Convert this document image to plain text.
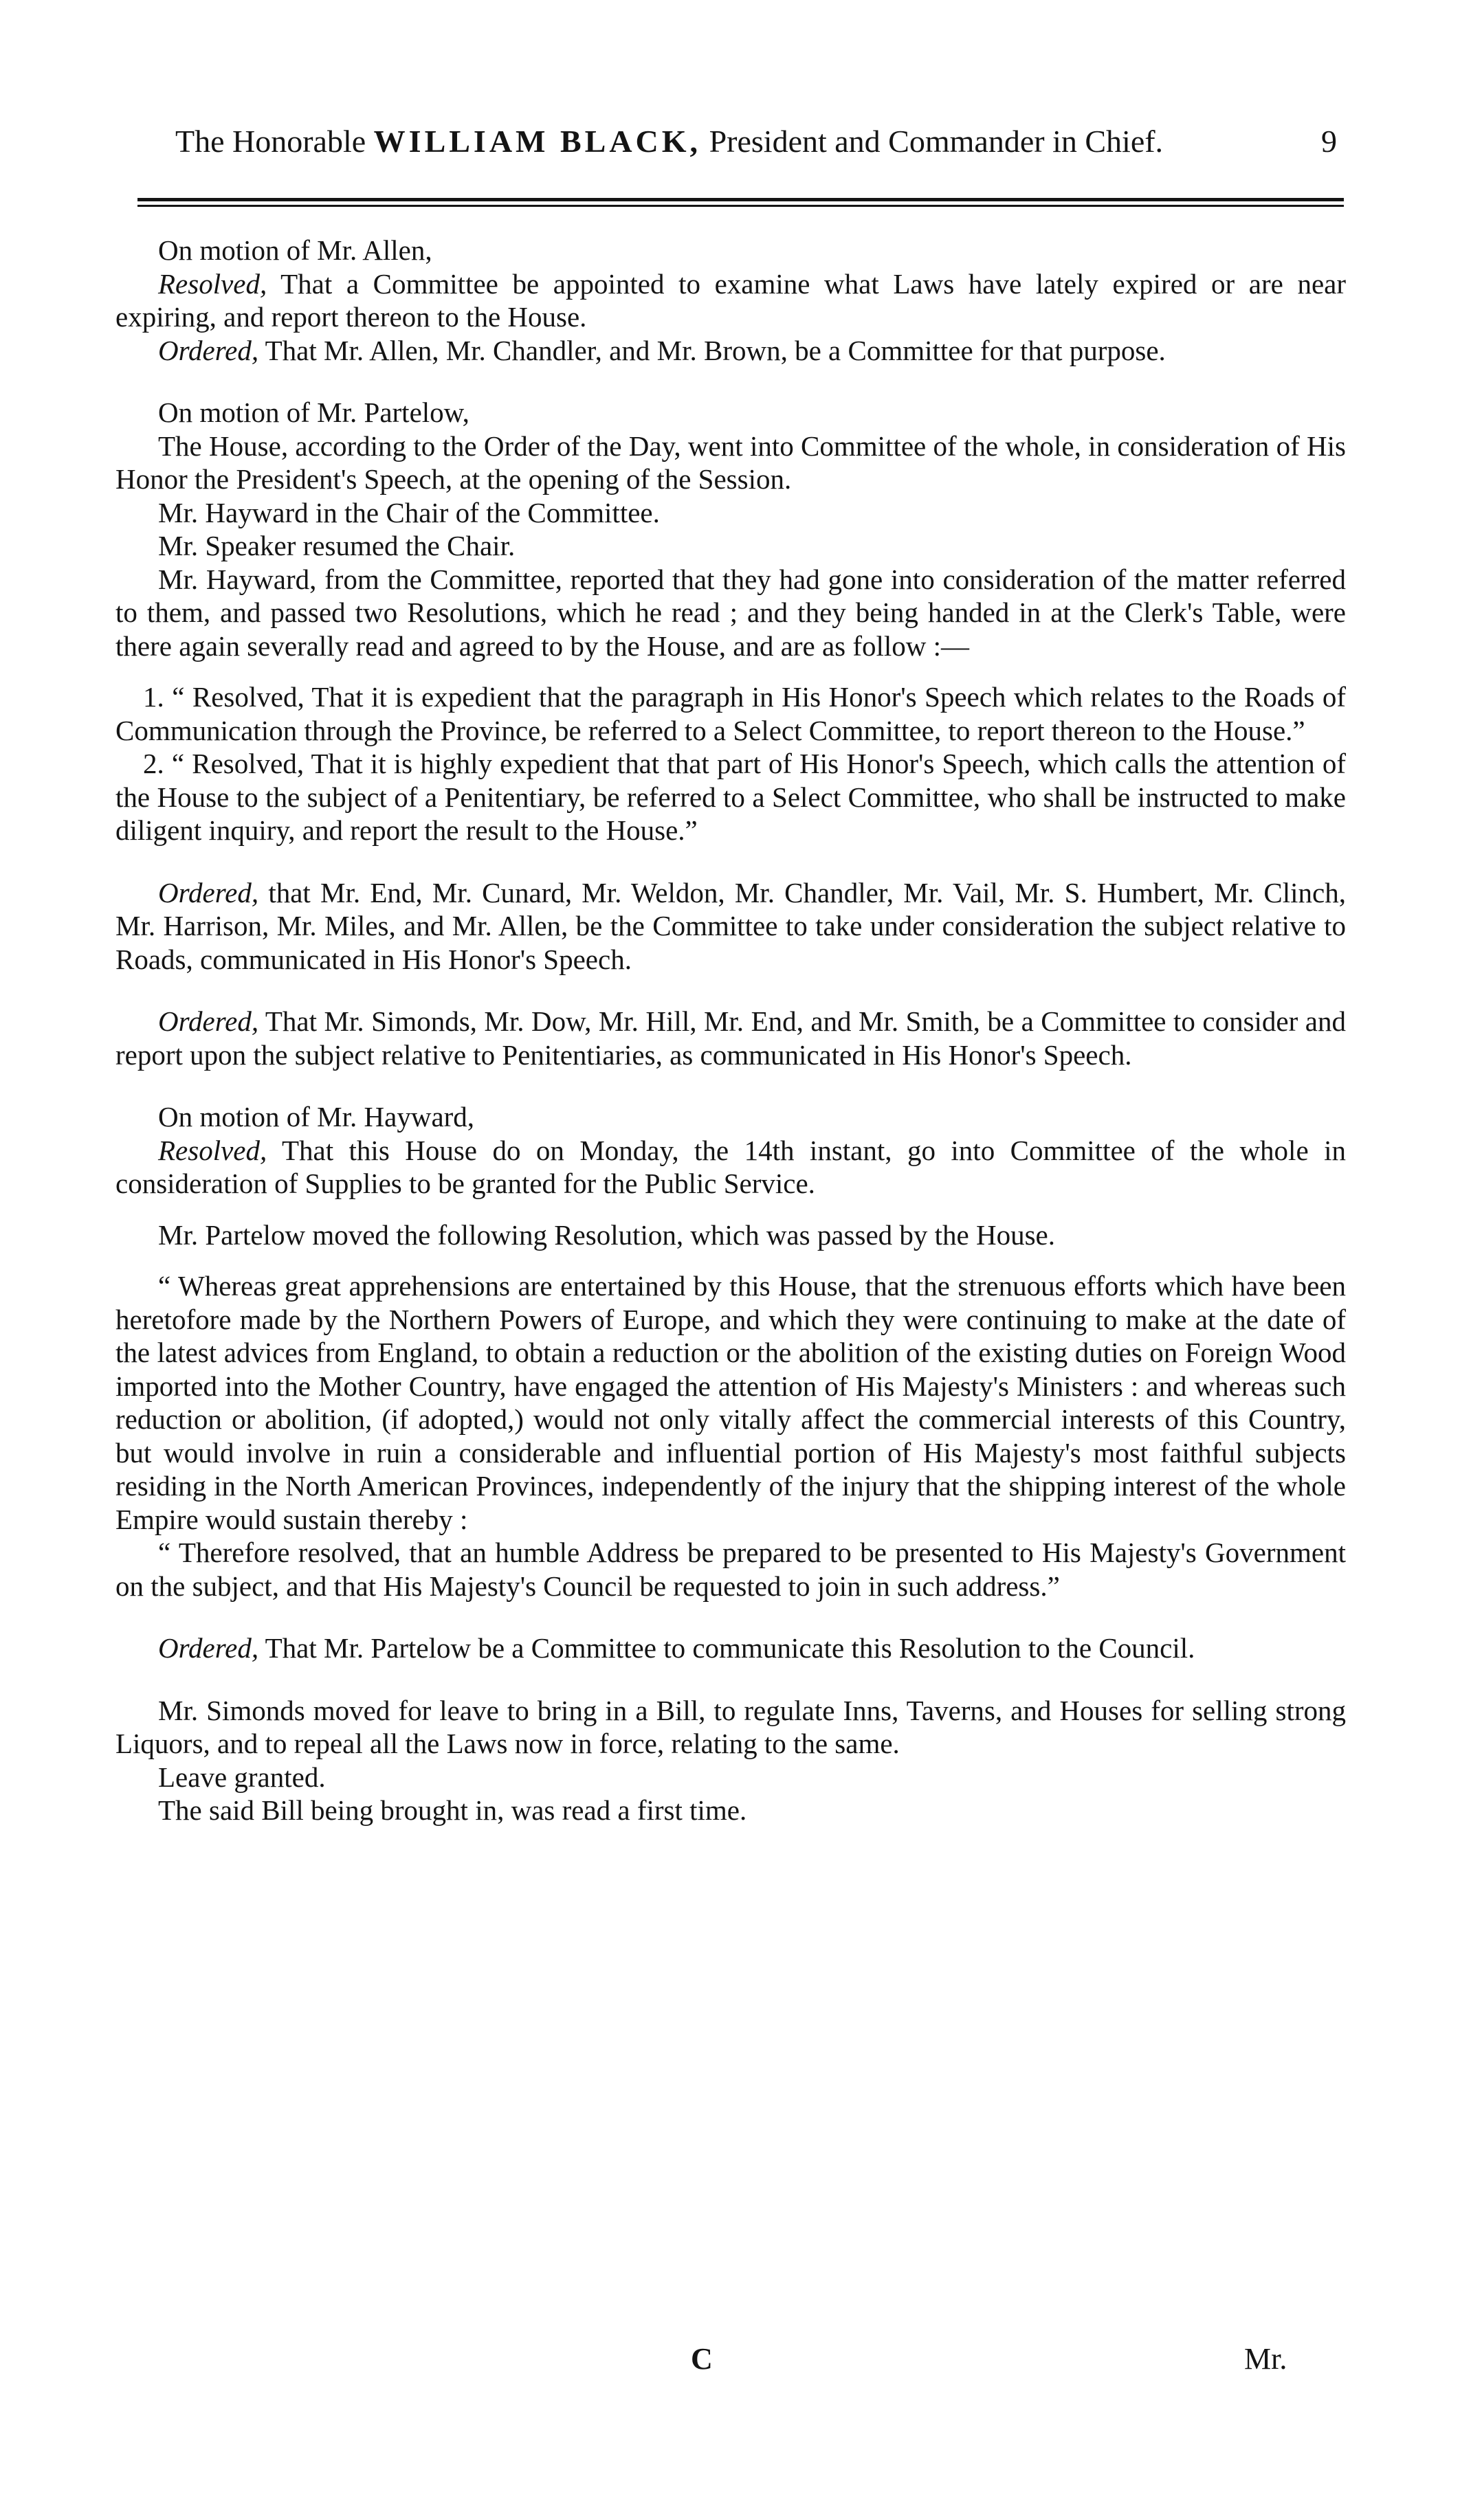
The Honorable WILLIAM BLACK, President and Commander in Chief.	9

On motion of Mr. Allen,

Resolved, That a Committee be appointed to examine what Laws have lately expired or are near expiring, and report thereon to the House.

Ordered, That Mr. Allen, Mr. Chandler, and Mr. Brown, be a Committee for that purpose.

On motion of Mr. Partelow,

The House, according to the Order of the Day, went into Committee of the whole, in consideration of His Honor the President's Speech, at the opening of the Session.

Mr. Hayward in the Chair of the Committee.

Mr. Speaker resumed the Chair.

Mr. Hayward, from the Committee, reported that they had gone into consideration of the matter referred to them, and passed two Resolutions, which he read ; and they being handed in at the Clerk's Table, were there again severally read and agreed to by the House, and are as follow :—

1. “ Resolved, That it is expedient that the paragraph in His Honor's Speech which relates to the Roads of Communication through the Province, be referred to a Select Committee, to report thereon to the House.”

2. “ Resolved, That it is highly expedient that that part of His Honor's Speech, which calls the attention of the House to the subject of a Penitentiary, be referred to a Select Committee, who shall be instructed to make diligent inquiry, and report the result to the House.”

Ordered, that Mr. End, Mr. Cunard, Mr. Weldon, Mr. Chandler, Mr. Vail, Mr. S. Humbert, Mr. Clinch, Mr. Harrison, Mr. Miles, and Mr. Allen, be the Committee to take under consideration the subject relative to Roads, communicated in His Honor's Speech.

Ordered, That Mr. Simonds, Mr. Dow, Mr. Hill, Mr. End, and Mr. Smith, be a Committee to consider and report upon the subject relative to Penitentiaries, as communicated in His Honor's Speech.

On motion of Mr. Hayward,

Resolved, That this House do on Monday, the 14th instant, go into Committee of the whole in consideration of Supplies to be granted for the Public Service.

Mr. Partelow moved the following Resolution, which was passed by the House.

“ Whereas great apprehensions are entertained by this House, that the strenuous efforts which have been heretofore made by the Northern Powers of Europe, and which they were continuing to make at the date of the latest advices from England, to obtain a reduction or the abolition of the existing duties on Foreign Wood imported into the Mother Country, have engaged the attention of His Majesty's Ministers : and whereas such reduction or abolition, (if adopted,) would not only vitally affect the commercial interests of this Country, but would involve in ruin a considerable and influential portion of His Majesty's most faithful subjects residing in the North American Provinces, independently of the injury that the shipping interest of the whole Empire would sustain thereby :

“ Therefore resolved, that an humble Address be prepared to be presented to His Majesty's Government on the subject, and that His Majesty's Council be requested to join in such address.”

Ordered, That Mr. Partelow be a Committee to communicate this Resolution to the Council.

Mr. Simonds moved for leave to bring in a Bill, to regulate Inns, Taverns, and Houses for selling strong Liquors, and to repeal all the Laws now in force, relating to the same.

Leave granted.

The said Bill being brought in, was read a first time.

C	Mr.
